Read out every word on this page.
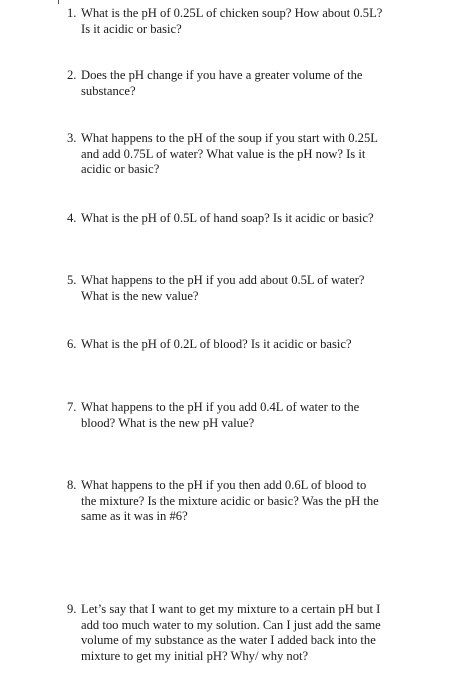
1. What is the pH of 0.25L of chicken soup? How about 0.5L?
Is it acidic or basic?
2. Does the pH change if you have a greater volume of the
substance?
3. What happens to the pH of the soup if you start with 0.25L
and add 0.75L of water? What value is the pH now? Is it
acidic or basic?
4. What is the pH of 0.5L of hand soap? Is it acidic or basic?
5. What happens to the pH if you add about 0.5L of water?
What is the new value?
6. What is the pH of 0.2L of blood? Is it acidic or basic?
7. What happens to the pH if you add 0.4L of water to the
blood? What is the new pH value?
8. What happens to the pH if you then add 0.6L of blood to
the mixture? Is the mixture acidic or basic? Was the pH the
same as it was in #6?
9. Let’s say that I want to get my mixture to a certain pH but I
add too much water to my solution. Can I just add the same
volume of my substance as the water I added back into the
mixture to get my initial pH? Why/ why not?
